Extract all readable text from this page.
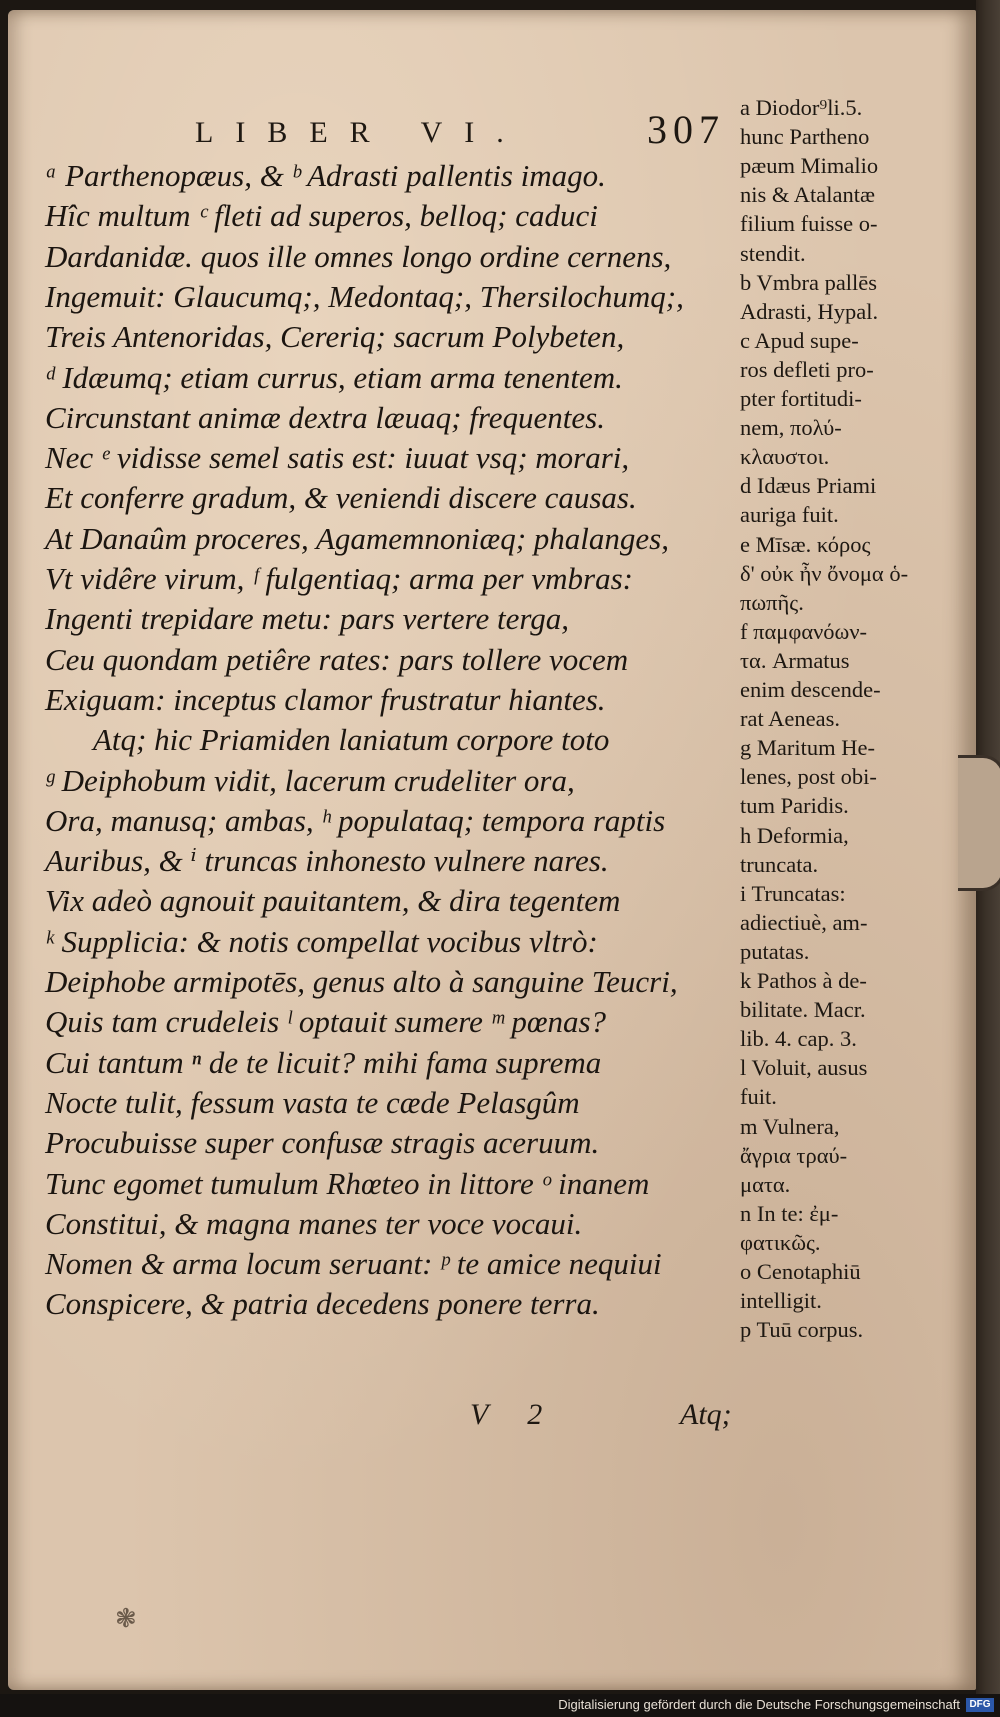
LIBER VI.	307
ᵃ Parthenopæus, & ᵇ Adrasti pallentis imago.
Hîc multum ᶜ fleti ad superos, belloq; caduci
Dardanidæ. quos ille omnes longo ordine cernens,
Ingemuit: Glaucumq;, Medontaq;, Thersilochumq;,
Treis Antenoridas, Cereriq; sacrum Polybeten,
ᵈ Idæumq; etiam currus, etiam arma tenentem.
Circunstant animæ dextra læuaq; frequentes.
Nec ᵉ vidisse semel satis est: iuuat vsq; morari,
Et conferre gradum, & veniendi discere causas.
At Danaûm proceres, Agamemnoniæq; phalanges,
Vt vidêre virum, ᶠ fulgentiaq; arma per vmbras:
Ingenti trepidare metu: pars vertere terga,
Ceu quondam petiêre rates: pars tollere vocem
Exiguam: inceptus clamor frustratur hiantes.
Atq; hic Priamiden laniatum corpore toto
ᵍ Deiphobum vidit, lacerum crudeliter ora,
Ora, manusq; ambas, ʰ populataq; tempora raptis
Auribus, & ⁱ truncas inhonesto vulnere nares.
Vix adeò agnouit pauitantem, & dira tegentem
ᵏ Supplicia: & notis compellat vocibus vltrò:
Deiphobe armipotēs, genus alto à sanguine Teucri,
Quis tam crudeleis ˡ optauit sumere ᵐ pœnas?
Cui tantum ⁿ de te licuit? mihi fama suprema
Nocte tulit, fessum vasta te cæde Pelasgûm
Procubuisse super confusæ stragis aceruum.
Tunc egomet tumulum Rhœteo in littore ᵒ inanem
Constitui, & magna manes ter voce vocaui.
Nomen & arma locum seruant: ᵖ te amice nequiui
Conspicere, & patria decedens ponere terra.
a Diodor⁹li.5.
hunc Partheno
pæum Mimalio
nis & Atalantæ
filium fuisse o-
stendit.
b Vmbra pallēs
Adrasti, Hypal.
c Apud supe-
ros defleti pro-
pter fortitudi-
nem, πολύ-
κλαυστοι.
d Idæus Priami
auriga fuit.
e Mīsæ. κόρος
δ' οὐκ ἦν ὄνομα ὁ-
πωπῆς.
f παμφανόων-
τα. Armatus
enim descende-
rat Aeneas.
g Maritum He-
lenes, post obi-
tum Paridis.
h Deformia,
truncata.
i Truncatas:
adiectiuè, am-
putatas.
k Pathos à de-
bilitate. Macr.
lib. 4. cap. 3.
l Voluit, ausus
fuit.
m Vulnera,
ἄγρια τραύ-
ματα.
n In te: ἐμ-
φατικῶς.
o Cenotaphiū
intelligit.
p Tuū corpus.
V 2	Atq;
❃
Digitalisierung gefördert durch die Deutsche Forschungsgemeinschaft DFG
